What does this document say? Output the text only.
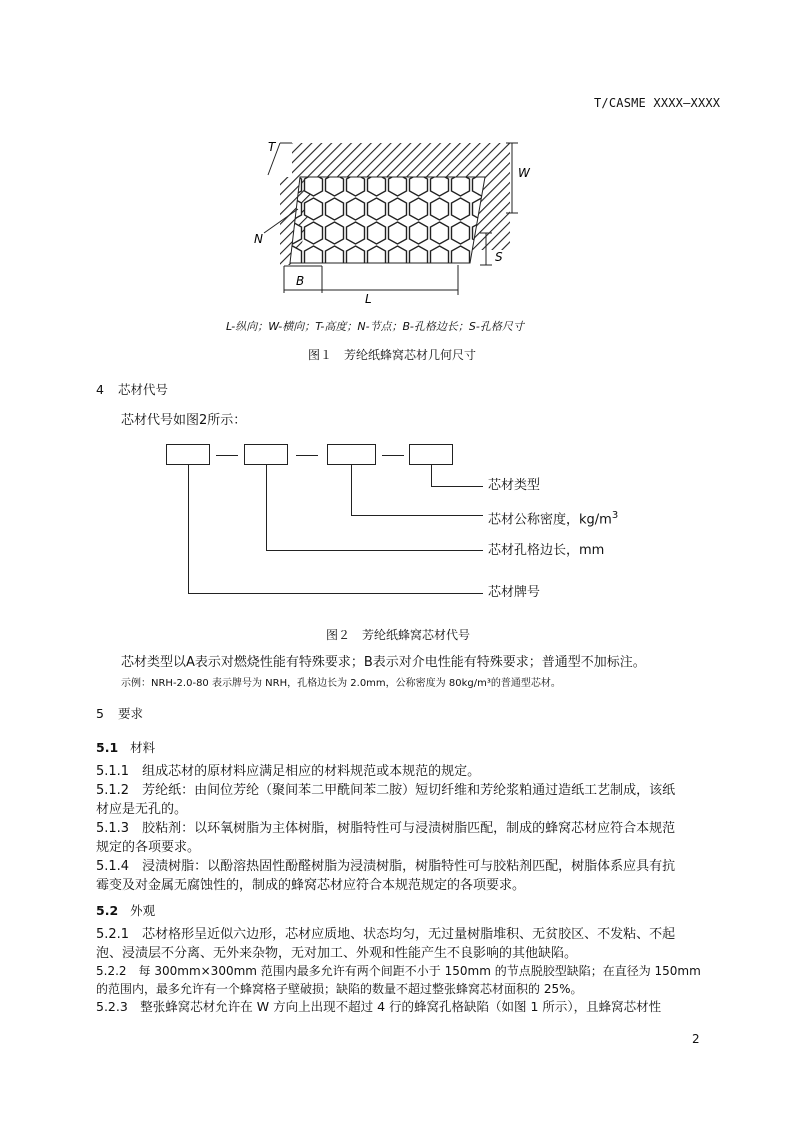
T/CASME XXXX—XXXX
T
W
N
S
B
L
L-纵向；W-横向；T-高度；N-节点；B-孔格边长；S-孔格尺寸
图１　芳纶纸蜂窝芯材几何尺寸
4 芯材代号
芯材代号如图2所示：
芯材类型
芯材公称密度，$kg/m^3$
芯材孔格边长，mm
芯材牌号
图２　芳纶纸蜂窝芯材代号
芯材类型以A表示对燃烧性能有特殊要求；B表示对介电性能有特殊要求；普通型不加标注。
示例：NRH-2.0-80 表示牌号为 NRH，孔格边长为 2.0mm，公称密度为 80kg/m³的普通型芯材。
5 要求
5.1 材料
5.1.1　组成芯材的原材料应满足相应的材料规范或本规范的规定。
5.1.2　芳纶纸：由间位芳纶（聚间苯二甲酰间苯二胺）短切纤维和芳纶浆粕通过造纸工艺制成，该纸
材应是无孔的。
5.1.3　胶粘剂：以环氧树脂为主体树脂，树脂特性可与浸渍树脂匹配，制成的蜂窝芯材应符合本规范
规定的各项要求。
5.1.4　浸渍树脂：以酚溶热固性酚醛树脂为浸渍树脂，树脂特性可与胶粘剂匹配，树脂体系应具有抗
霉变及对金属无腐蚀性的，制成的蜂窝芯材应符合本规范规定的各项要求。
5.2 外观
5.2.1　芯材格形呈近似六边形，芯材应质地、状态均匀，无过量树脂堆积、无贫胶区、不发粘、不起
泡、浸渍层不分离、无外来杂物，无对加工、外观和性能产生不良影响的其他缺陷。
5.2.2　每 300mm×300mm 范围内最多允许有两个间距不小于 150mm 的节点脱胶型缺陷；在直径为 150mm
的范围内，最多允许有一个蜂窝格子壁破损；缺陷的数量不超过整张蜂窝芯材面积的 25%。
5.2.3　整张蜂窝芯材允许在 W 方向上出现不超过 4 行的蜂窝孔格缺陷（如图 1 所示），且蜂窝芯材性
2
